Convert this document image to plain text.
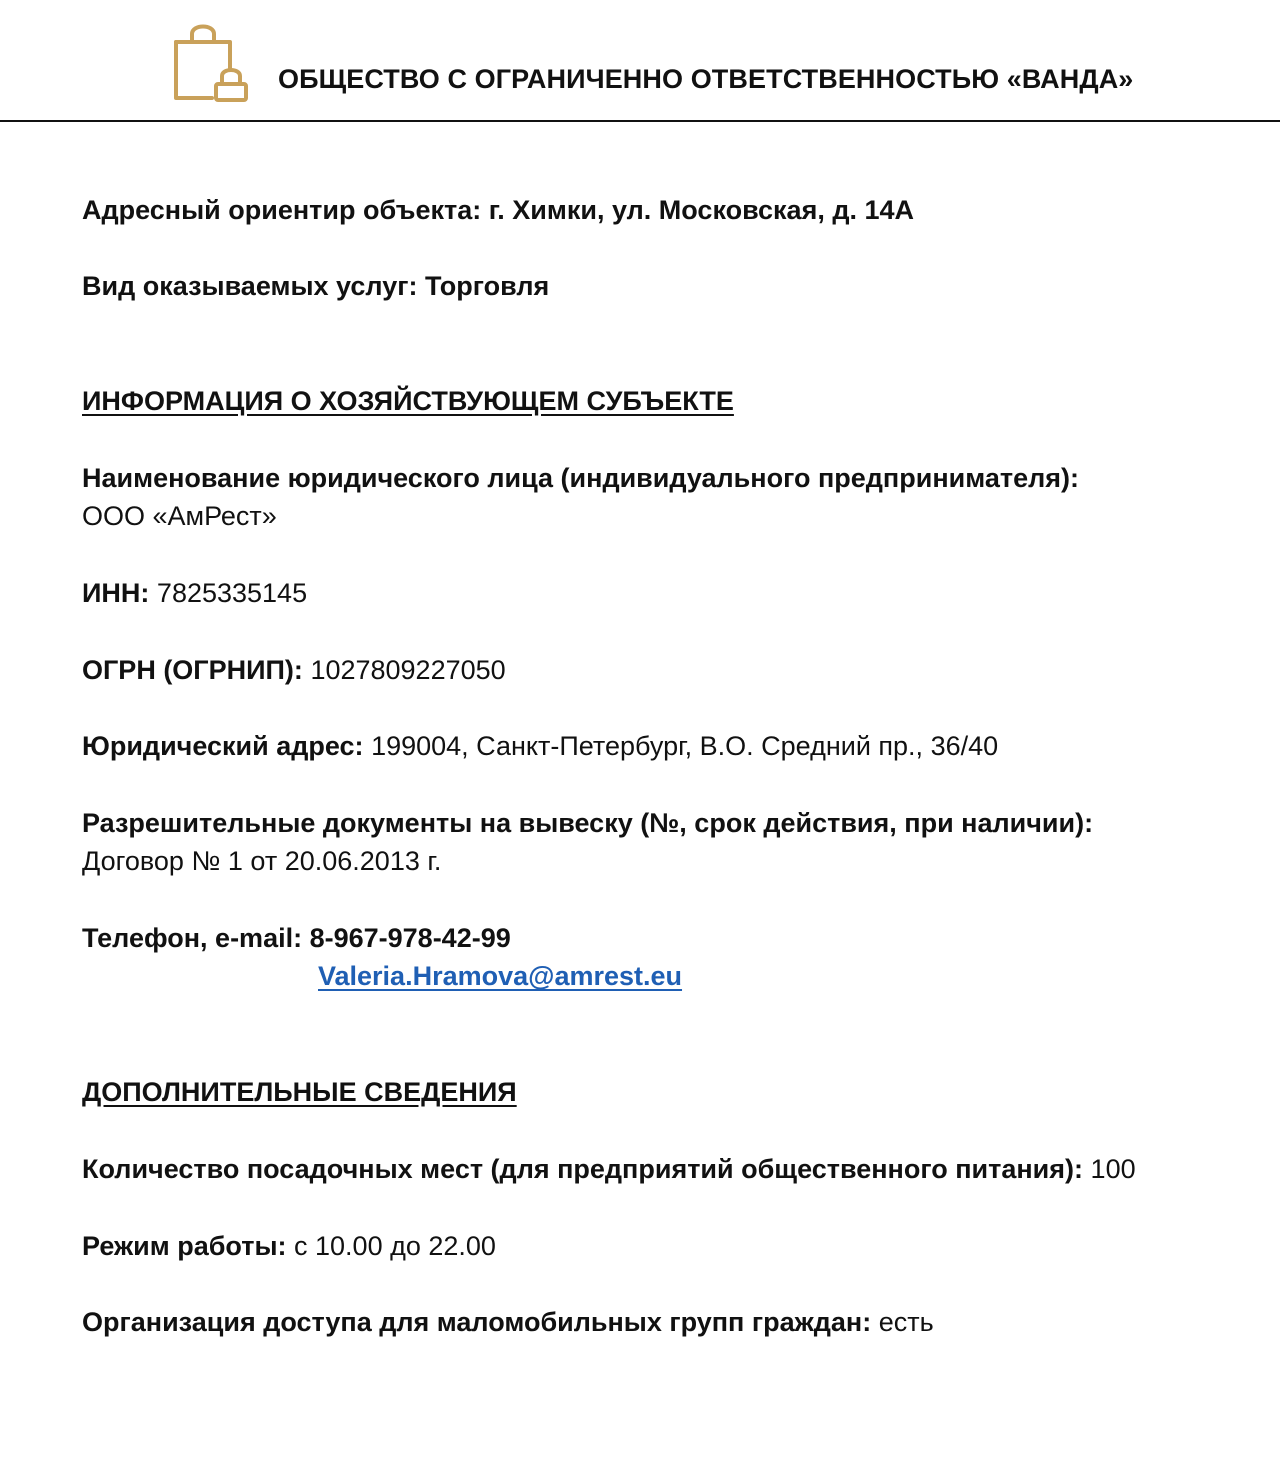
ОБЩЕСТВО С ОГРАНИЧЕННО ОТВЕТСТВЕННОСТЬЮ «ВАНДА»
Адресный ориентир объекта: г. Химки, ул. Московская, д. 14А
Вид оказываемых услуг: Торговля
ИНФОРМАЦИЯ О ХОЗЯЙСТВУЮЩЕМ СУБЪЕКТЕ
Наименование юридического лица (индивидуального предпринимателя):
ООО «АмРест»
ИНН: 7825335145
ОГРН (ОГРНИП): 1027809227050
Юридический адрес: 199004, Санкт-Петербург, В.О. Средний пр., 36/40
Разрешительные документы на вывеску (№, срок действия, при наличии):
Договор № 1 от 20.06.2013 г.
Телефон, e-mail: 8-967-978-42-99
Valeria.Hramova@amrest.eu
ДОПОЛНИТЕЛЬНЫЕ СВЕДЕНИЯ
Количество посадочных мест (для предприятий общественного питания): 100
Режим работы: с 10.00 до 22.00
Организация доступа для маломобильных групп граждан: есть
